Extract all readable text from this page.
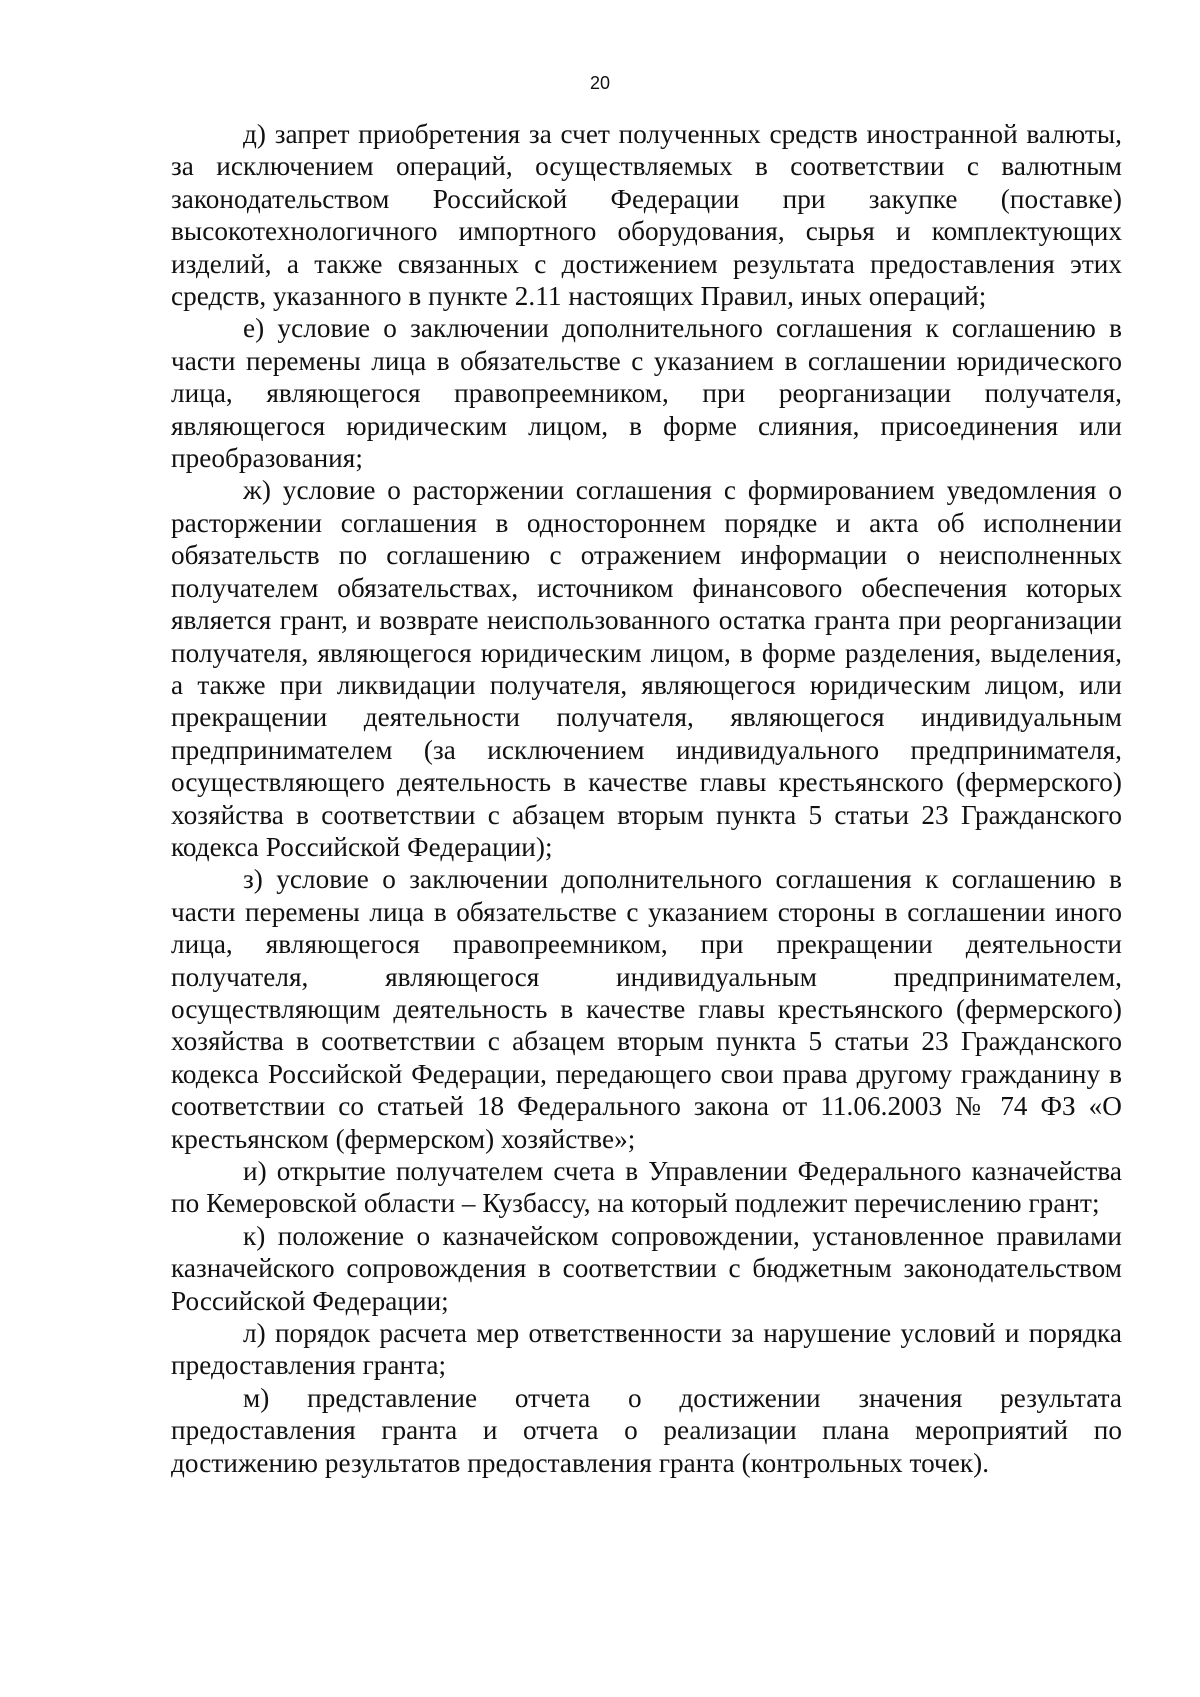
20

д) запрет приобретения за счет полученных средств иностранной валюты, за исключением операций, осуществляемых в соответствии с валютным законодательством Российской Федерации при закупке (поставке) высокотехнологичного импортного оборудования, сырья и комплектующих изделий, а также связанных с достижением результата предоставления этих средств, указанного в пункте 2.11 настоящих Правил, иных операций;

е) условие о заключении дополнительного соглашения к соглашению в части перемены лица в обязательстве с указанием в соглашении юридического лица, являющегося правопреемником, при реорганизации получателя, являющегося юридическим лицом, в форме слияния, присоединения или преобразования;

ж) условие о расторжении соглашения с формированием уведомления о расторжении соглашения в одностороннем порядке и акта об исполнении обязательств по соглашению с отражением информации о неисполненных получателем обязательствах, источником финансового обеспечения которых является грант, и возврате неиспользованного остатка гранта при реорганизации получателя, являющегося юридическим лицом, в форме разделения, выделения, а также при ликвидации получателя, являющегося юридическим лицом, или прекращении деятельности получателя, являющегося индивидуальным предпринимателем (за исключением индивидуального предпринимателя, осуществляющего деятельность в качестве главы крестьянского (фермерского) хозяйства в соответствии с абзацем вторым пункта 5 статьи 23 Гражданского кодекса Российской Федерации);

з) условие о заключении дополнительного соглашения к соглашению в части перемены лица в обязательстве с указанием стороны в соглашении иного лица, являющегося правопреемником, при прекращении деятельности получателя, являющегося индивидуальным предпринимателем, осуществляющим деятельность в качестве главы крестьянского (фермерского) хозяйства в соответствии с абзацем вторым пункта 5 статьи 23 Гражданского кодекса Российской Федерации, передающего свои права другому гражданину в соответствии со статьей 18 Федерального закона от 11.06.2003 № 74 ФЗ «О крестьянском (фермерском) хозяйстве»;

и) открытие получателем счета в Управлении Федерального казначейства по Кемеровской области – Кузбассу, на который подлежит перечислению грант;

к) положение о казначейском сопровождении, установленное правилами казначейского сопровождения в соответствии с бюджетным законодательством Российской Федерации;

л) порядок расчета мер ответственности за нарушение условий и порядка предоставления гранта;

м) представление отчета о достижении значения результата предоставления гранта и отчета о реализации плана мероприятий по достижению результатов предоставления гранта (контрольных точек).
